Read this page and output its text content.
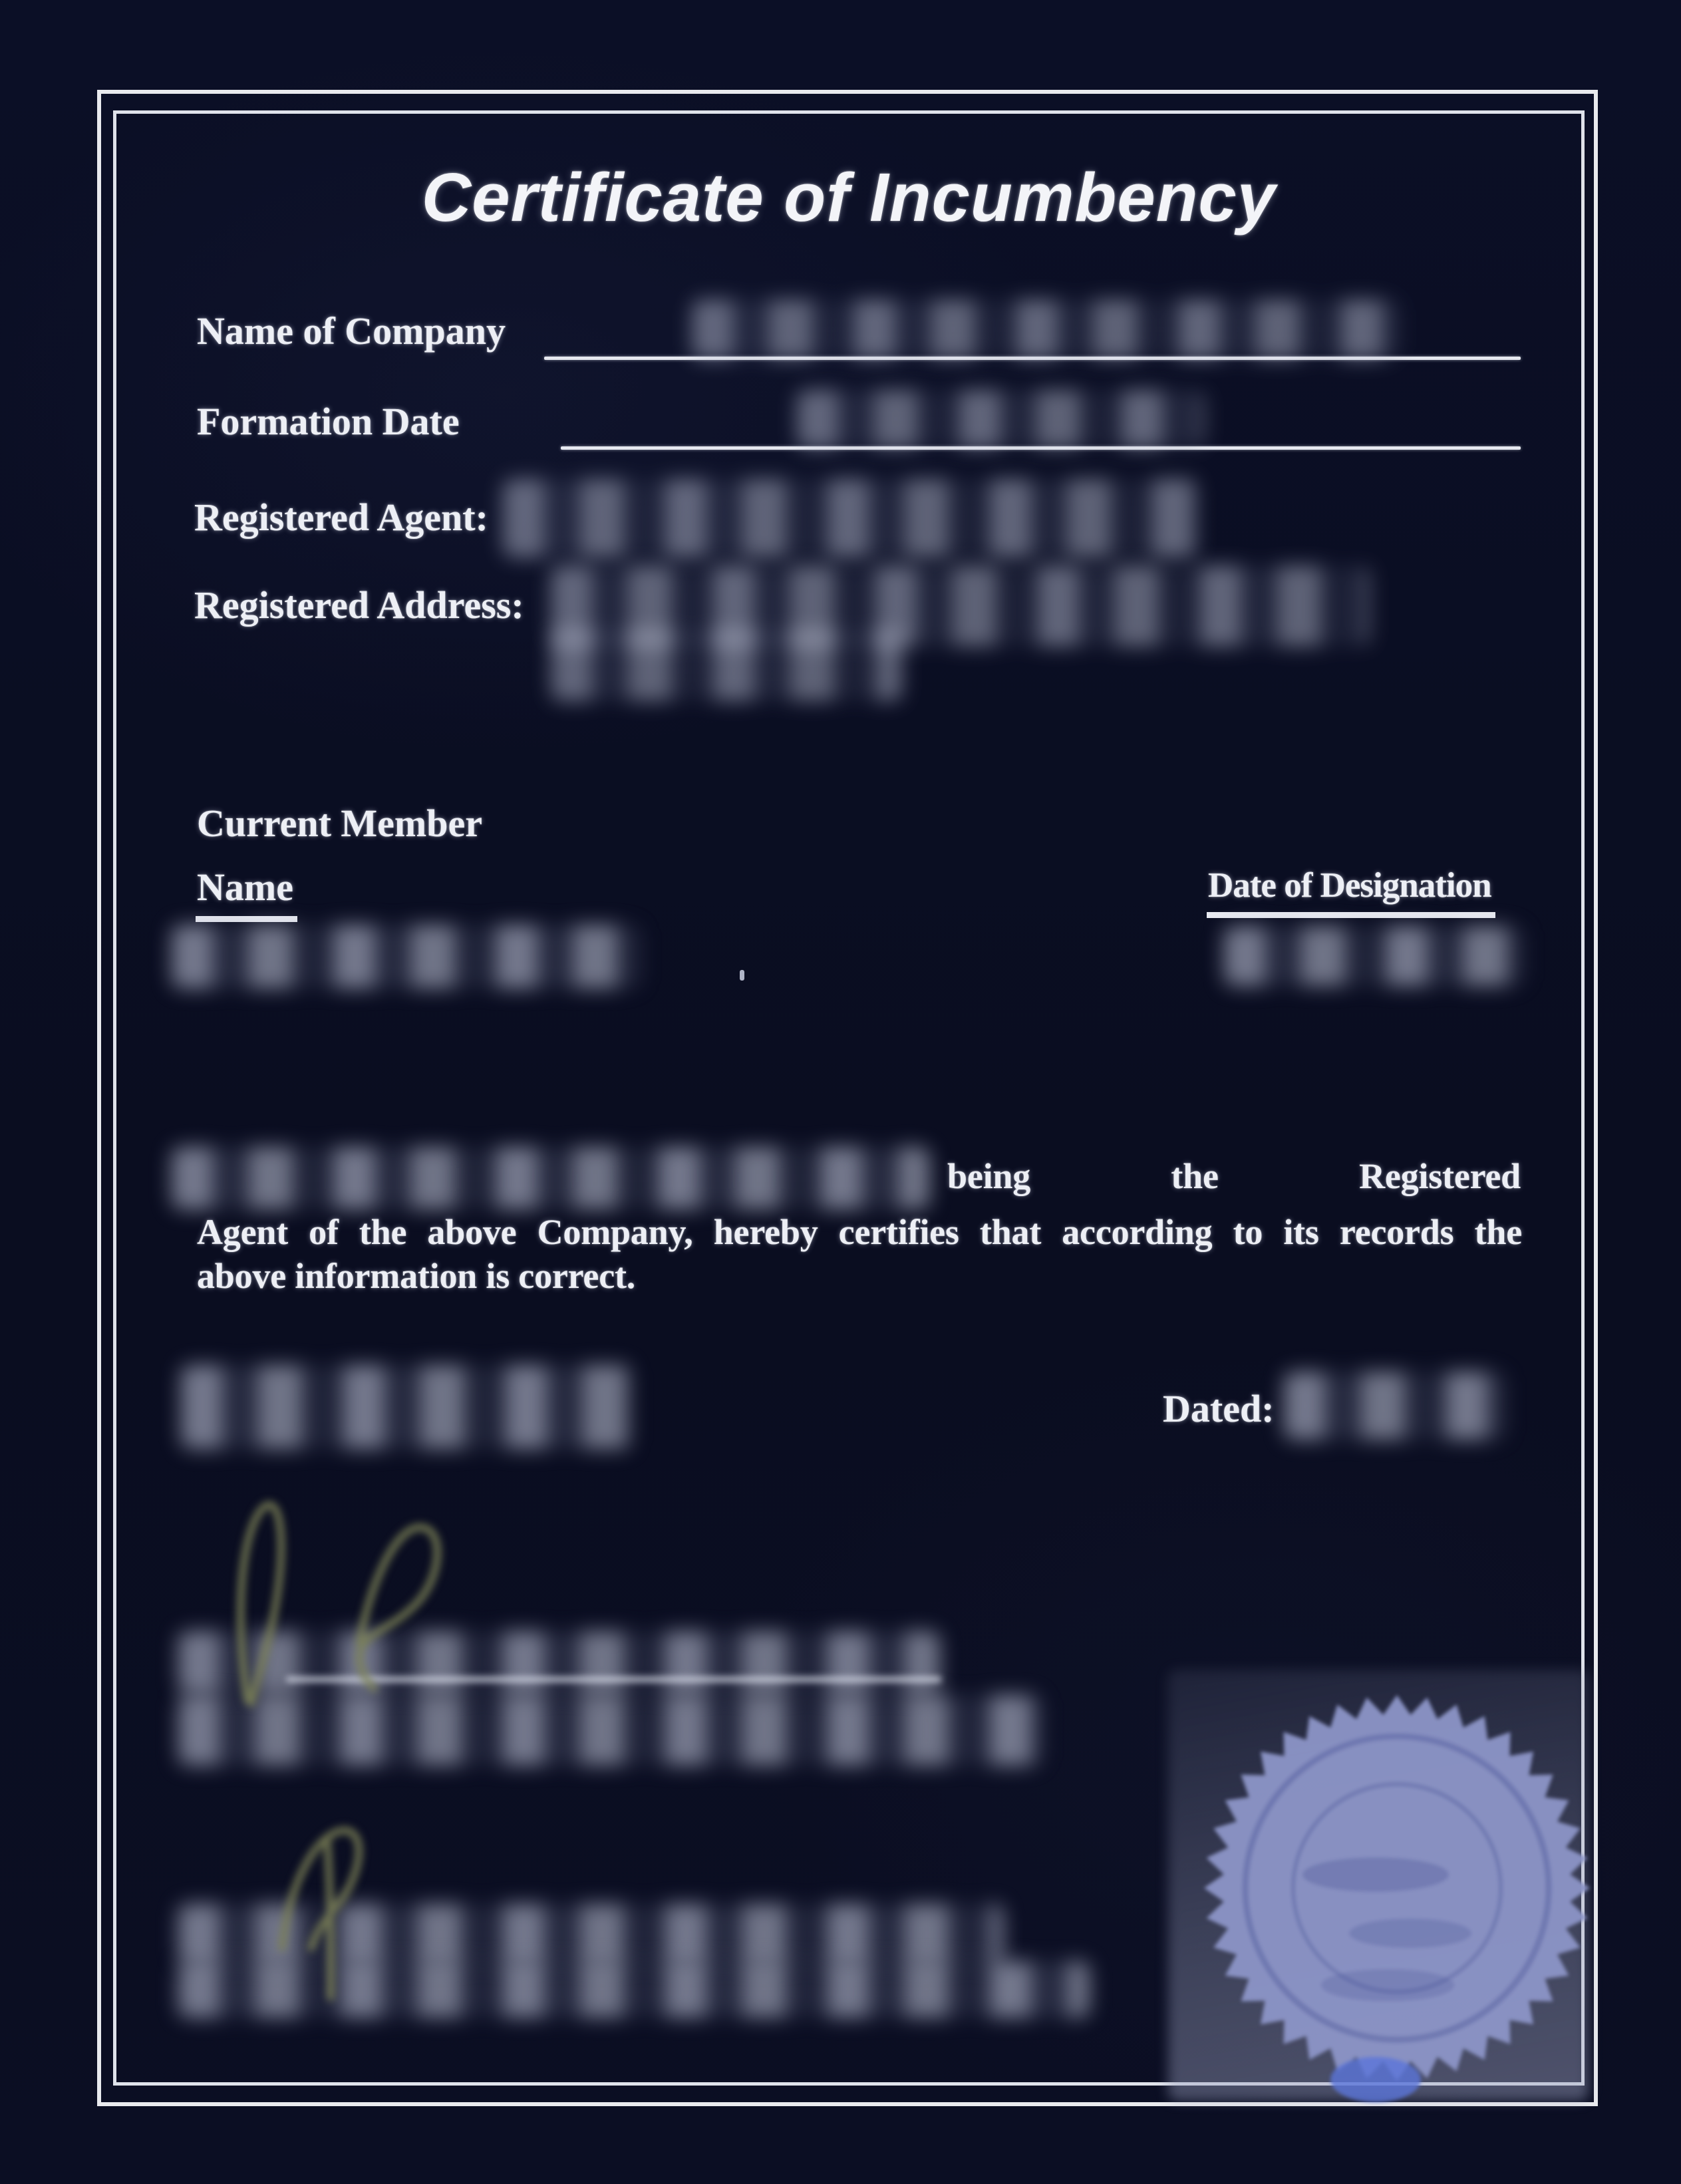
Certificate of Incumbency
Name of Company
Formation Date
Registered Agent:
Registered Address:
Current Member
Name	Date of Designation
being the Registered
Agent of the above Company, hereby certifies that according to its records the
above information is correct.
Dated:
